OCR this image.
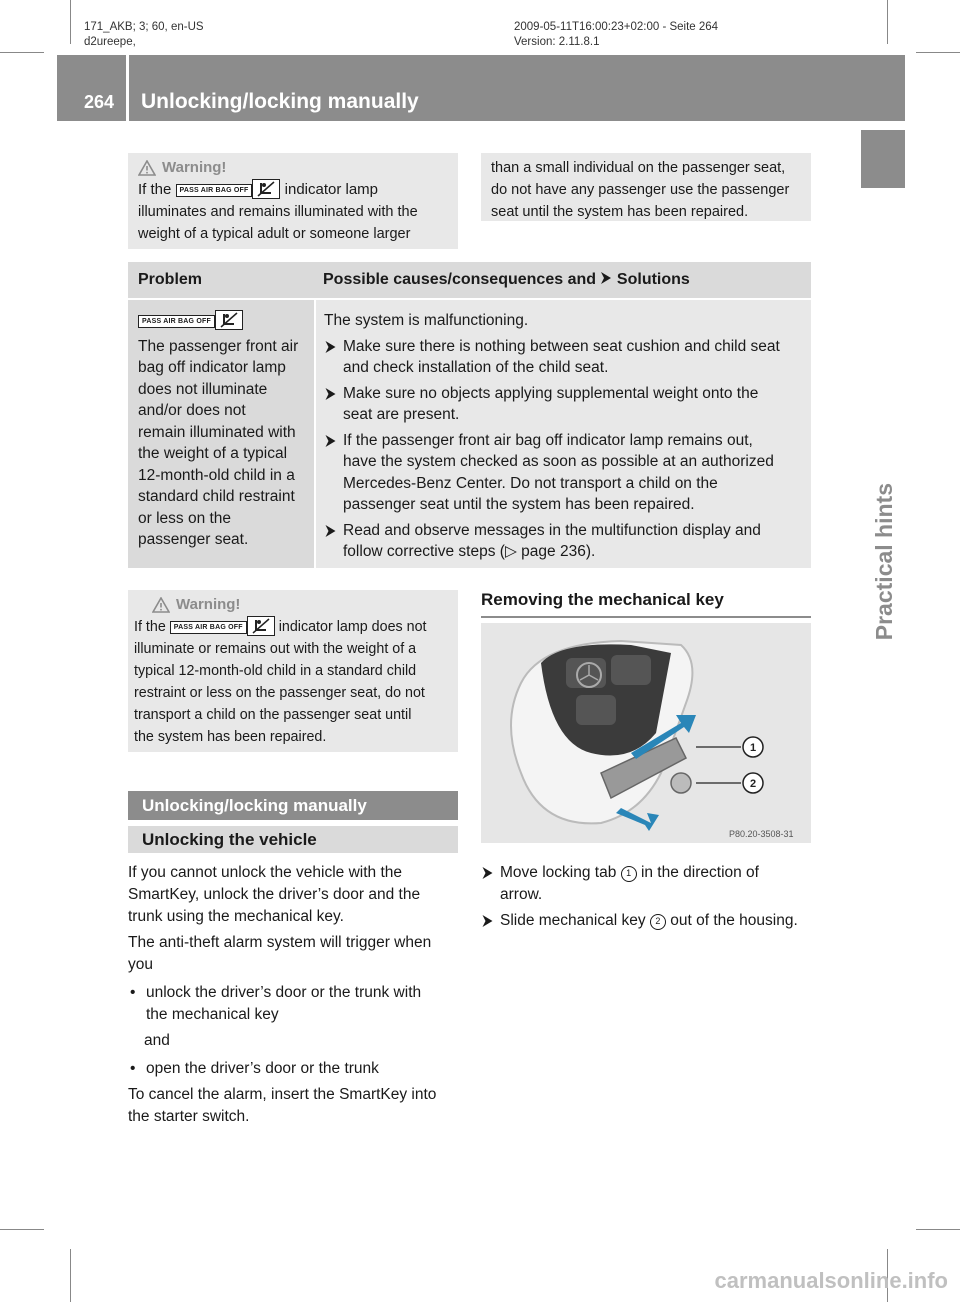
171_AKB; 3; 60, en-US
d2ureepe,
2009-05-11T16:00:23+02:00 - Seite 264
Version: 2.11.8.1
264 Unlocking/locking manually
Practical hints
Warning!
If the PASS AIR BAG OFF indicator lamp
illuminates and remains illuminated with the
weight of a typical adult or someone larger
than a small individual on the passenger seat,
do not have any passenger use the passenger
seat until the system has been repaired.
Problem	Possible causes/consequences and Solutions
PASS AIR BAG OFF
The passenger front air
bag off indicator lamp
does not illuminate
and/or does not
remain illuminated with
the weight of a typical
12-month-old child in a
standard child restraint
or less on the
passenger seat.
The system is malfunctioning.
Make sure there is nothing between seat cushion and child seat
and check installation of the child seat.
Make sure no objects applying supplemental weight onto the
seat are present.
If the passenger front air bag off indicator lamp remains out,
have the system checked as soon as possible at an authorized
Mercedes-Benz Center. Do not transport a child on the
passenger seat until the system has been repaired.
Read and observe messages in the multifunction display and
follow corrective steps (▷ page 236).
Warning!
If the PASS AIR BAG OFF	indicator lamp does not
illuminate or remains out with the weight of a
typical 12-month-old child in a standard child
restraint or less on the passenger seat, do not
transport a child on the passenger seat until
the system has been repaired.
Unlocking/locking manually
Unlocking the vehicle
If you cannot unlock the vehicle with the
SmartKey, unlock the driver’s door and the
trunk using the mechanical key.
The anti-theft alarm system will trigger when
you
• unlock the driver’s door or the trunk with
the mechanical key
and
• open the driver’s door or the trunk
To cancel the alarm, insert the SmartKey into
the starter switch.
Removing the mechanical key
1
2
P80.20-3508-31
Move locking tab 1 in the direction of
arrow.
Slide mechanical key 2 out of the housing.
carmanualsonline.info
